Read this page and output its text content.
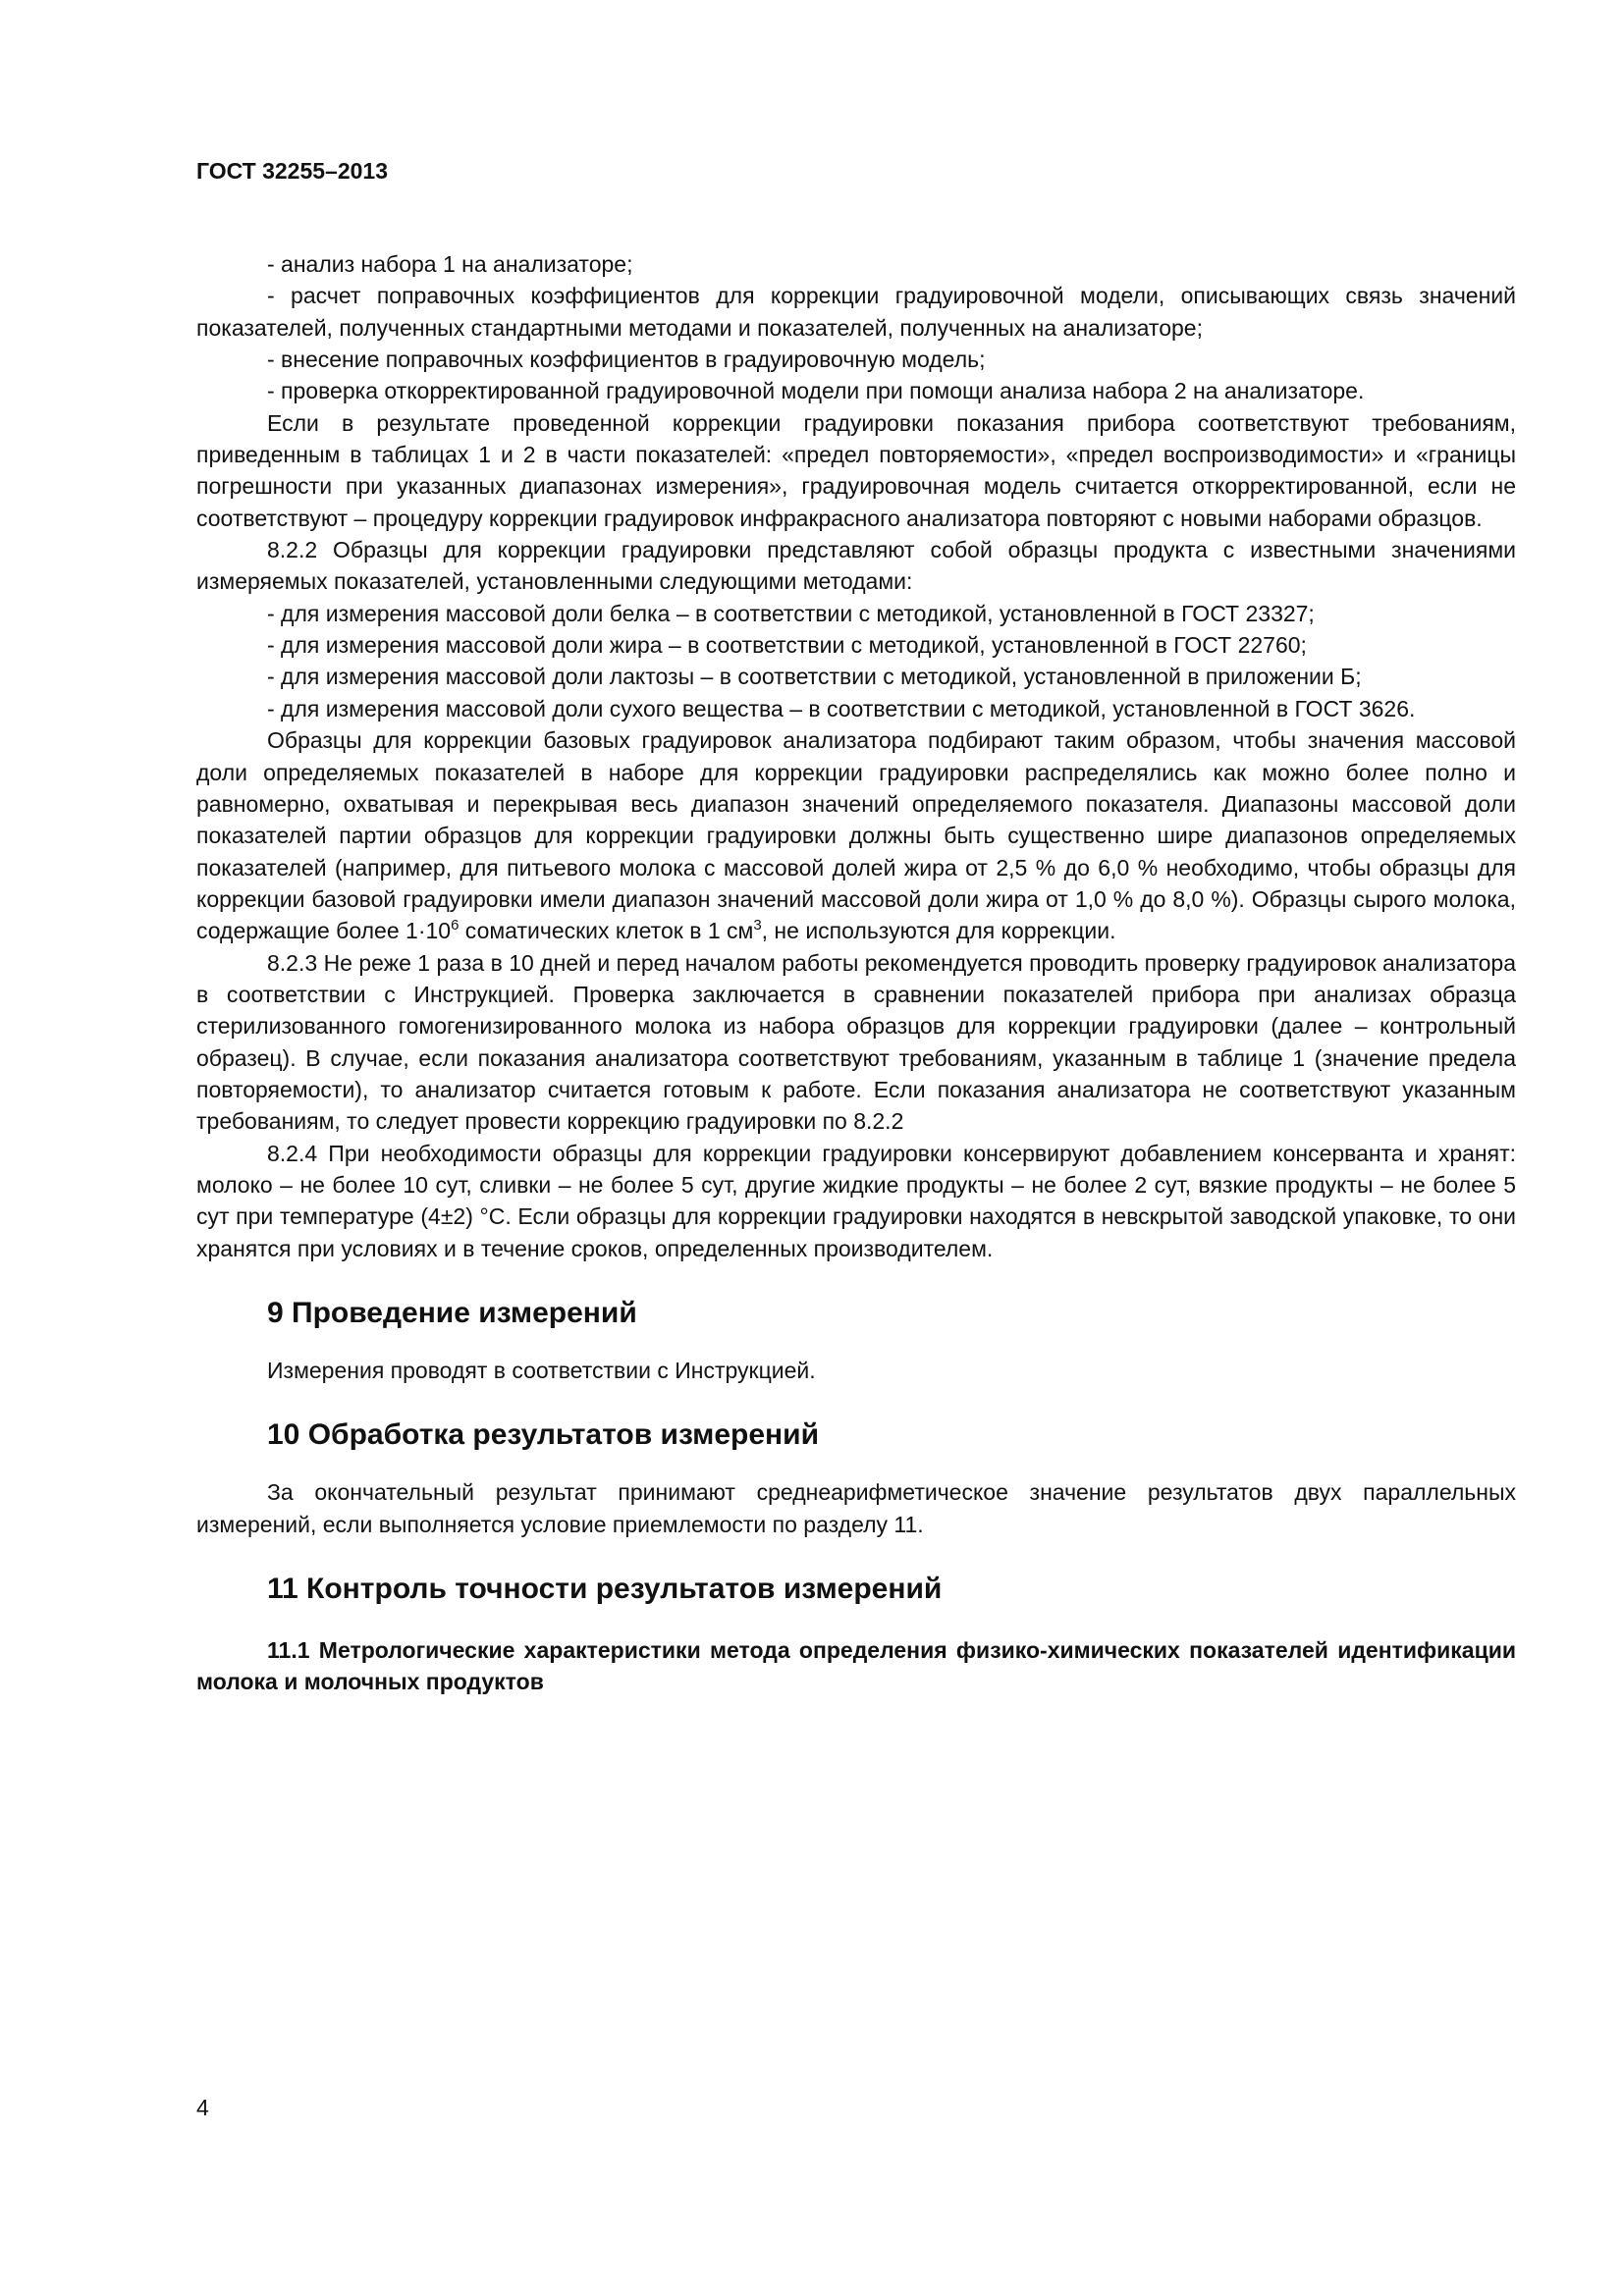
ГОСТ 32255–2013

- анализ набора 1 на анализаторе;

- расчет поправочных коэффициентов для коррекции градуировочной модели, описывающих связь значений показателей, полученных стандартными методами и показателей, полученных на анализаторе;

- внесение поправочных коэффициентов в градуировочную модель;

- проверка откорректированной градуировочной модели при помощи анализа набора 2 на анализаторе.

Если в результате проведенной коррекции градуировки показания прибора соответствуют требованиям, приведенным в таблицах 1 и 2 в части показателей: «предел повторяемости», «предел воспроизводимости» и «границы погрешности при указанных диапазонах измерения», градуировочная модель считается откорректированной, если не соответствуют – процедуру коррекции градуировок инфракрасного анализатора повторяют с новыми наборами образцов.

8.2.2 Образцы для коррекции градуировки представляют собой образцы продукта с известными значениями измеряемых показателей, установленными следующими методами:

- для измерения массовой доли белка – в соответствии с методикой, установленной в ГОСТ 23327;

- для измерения массовой доли жира – в соответствии с методикой, установленной в ГОСТ 22760;

- для измерения массовой доли лактозы – в соответствии с методикой, установленной в приложении Б;

- для измерения массовой доли сухого вещества – в соответствии с методикой, установленной в ГОСТ 3626.

Образцы для коррекции базовых градуировок анализатора подбирают таким образом, чтобы значения массовой доли определяемых показателей в наборе для коррекции градуировки распределялись как можно более полно и равномерно, охватывая и перекрывая весь диапазон значений определяемого показателя. Диапазоны массовой доли показателей партии образцов для коррекции градуировки должны быть существенно шире диапазонов определяемых показателей (например, для питьевого молока с массовой долей жира от 2,5 % до 6,0 % необходимо, чтобы образцы для коррекции базовой градуировки имели диапазон значений массовой доли жира от 1,0 % до 8,0 %). Образцы сырого молока, содержащие более $1\cdot 10^6$ соматических клеток в 1 $см^3$, не используются для коррекции.

8.2.3 Не реже 1 раза в 10 дней и перед началом работы рекомендуется проводить проверку градуировок анализатора в соответствии с Инструкцией. Проверка заключается в сравнении показателей прибора при анализах образца стерилизованного гомогенизированного молока из набора образцов для коррекции градуировки (далее – контрольный образец). В случае, если показания анализатора соответствуют требованиям, указанным в таблице 1 (значение предела повторяемости), то анализатор считается готовым к работе. Если показания анализатора не соответствуют указанным требованиям, то следует провести коррекцию градуировки по 8.2.2

8.2.4 При необходимости образцы для коррекции градуировки консервируют добавлением консерванта и хранят: молоко – не более 10 сут, сливки – не более 5 сут, другие жидкие продукты – не более 2 сут, вязкие продукты – не более 5 сут при температуре (4±2) °С. Если образцы для коррекции градуировки находятся в невскрытой заводской упаковке, то они хранятся при условиях и в течение сроков, определенных производителем.

9 Проведение измерений

Измерения проводят в соответствии с Инструкцией.

10 Обработка результатов измерений

За окончательный результат принимают среднеарифметическое значение результатов двух параллельных измерений, если выполняется условие приемлемости по разделу 11.

11 Контроль точности результатов измерений

11.1 Метрологические характеристики метода определения физико-химических показателей идентификации молока и молочных продуктов

4
